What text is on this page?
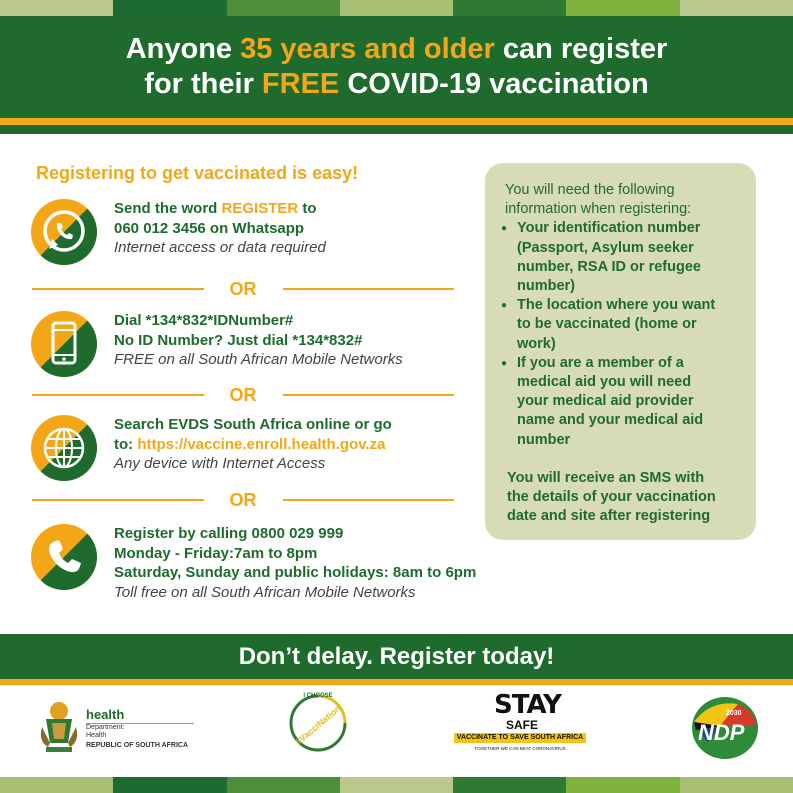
Anyone 35 years and older can register
for their FREE COVID-19 vaccination
Registering to get vaccinated is easy!
Send the word REGISTER to
060 012 3456 on Whatsapp
Internet access or data required
OR
Dial *134*832*IDNumber#
No ID Number? Just dial *134*832#
FREE on all South African Mobile Networks
OR
Search EVDS South Africa online or go
to: https://vaccine.enroll.health.gov.za
Any device with Internet Access
OR
Register by calling 0800 029 999
Monday - Friday:7am to 8pm
Saturday, Sunday and public holidays: 8am to 6pm
Toll free on all South African Mobile Networks
You will need the following
information when registering:
● Your identification number
(Passport, Asylum seeker
number, RSA ID or refugee
number)
● The location where you want
to be vaccinated (home or
work)
● If you are a member of a
medical aid you will need
your medical aid provider
name and your medical aid
number
You will receive an SMS with
the details of your vaccination
date and site after registering
Don’t delay. Register today!
health
Department:
Health
REPUBLIC OF SOUTH AFRICA
I CHOOSE
#VacciNation	STAY
SAFE
VACCINATE TO SAVE SOUTH AFRICA
TOGETHER WE CAN BEAT CORONAVIRUS
2030
NDP
